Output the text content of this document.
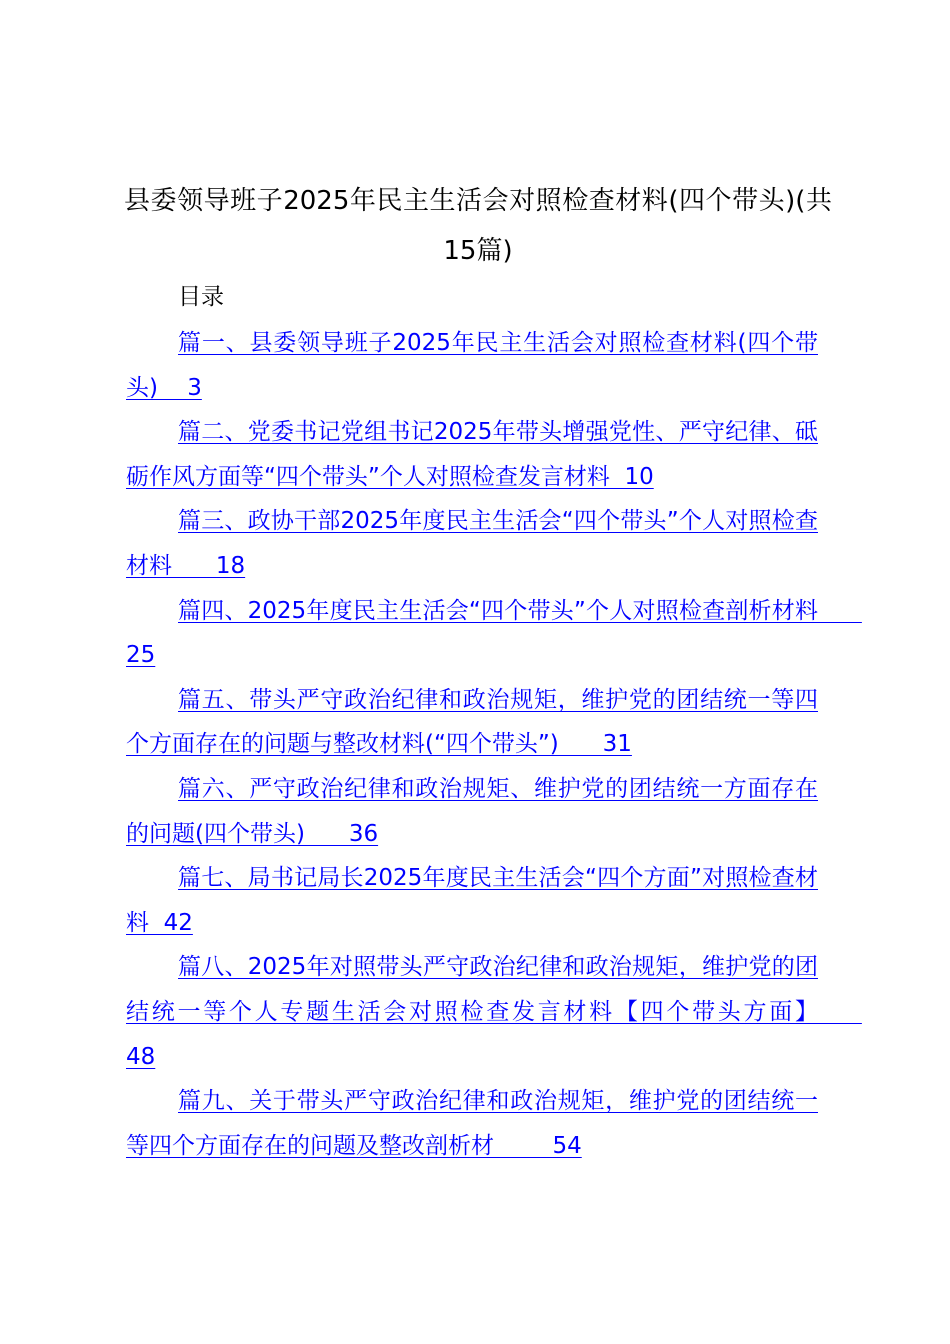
县委领导班子2025年民主生活会对照检查材料(四个带头)(共15篇)
目录
篇一、县委领导班子2025年民主生活会对照检查材料(四个带头)    3
篇二、党委书记党组书记2025年带头增强党性、严守纪律、砥砺作风方面等“四个带头”个人对照检查发言材料  10
篇三、政协干部2025年度民主生活会“四个带头”个人对照检查材料      18
篇四、2025年度民主生活会“四个带头”个人对照检查剖析材料      25
篇五、带头严守政治纪律和政治规矩，维护党的团结统一等四个方面存在的问题与整改材料(“四个带头”)      31
篇六、严守政治纪律和政治规矩、维护党的团结统一方面存在的问题(四个带头)      36
篇七、局书记局长2025年度民主生活会“四个方面”对照检查材料  42
篇八、2025年对照带头严守政治纪律和政治规矩，维护党的团结统一等个人专题生活会对照检查发言材料【四个带头方面】      48
篇九、关于带头严守政治纪律和政治规矩，维护党的团结统一等四个方面存在的问题及整改剖析材        54
